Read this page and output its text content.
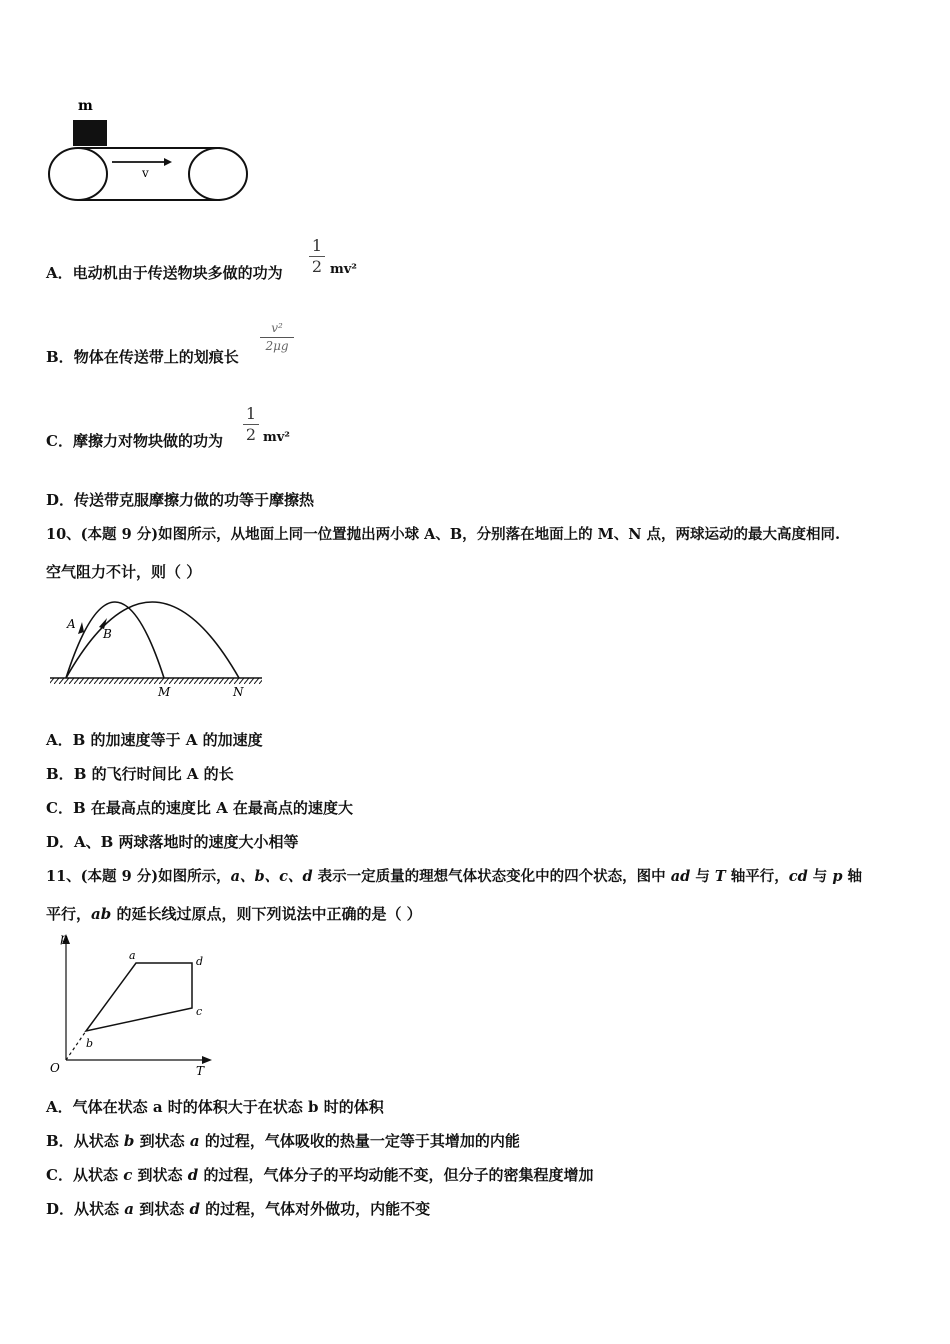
m
v
A．电动机由于传送物块多做的功为
1
2 mv²
B．物体在传送带上的划痕长
v²
2μg
C．摩擦力对物块做的功为
1
2 mv²
D．传送带克服摩擦力做的功等于摩擦热
10、(本题 9 分)如图所示，从地面上同一位置抛出两小球 A、B，分别落在地面上的 M、N 点，两球运动的最大高度相同.
空气阻力不计，则（ ）
A
B
M	N
A．B 的加速度等于 A 的加速度
B．B 的飞行时间比 A 的长
C．B 在最高点的速度比 A 在最高点的速度大
D．A、B 两球落地时的速度大小相等
11、(本题 9 分)如图所示，a、b、c、d 表示一定质量的理想气体状态变化中的四个状态，图中 ad 与 T 轴平行，cd 与 p 轴
平行，ab 的延长线过原点，则下列说法中正确的是（ ）
p
T
O
a
b
c
d
A．气体在状态 a 时的体积大于在状态 b 时的体积
B．从状态 b 到状态 a 的过程，气体吸收的热量一定等于其增加的内能
C．从状态 c 到状态 d 的过程，气体分子的平均动能不变，但分子的密集程度增加
D．从状态 a 到状态 d 的过程，气体对外做功，内能不变
